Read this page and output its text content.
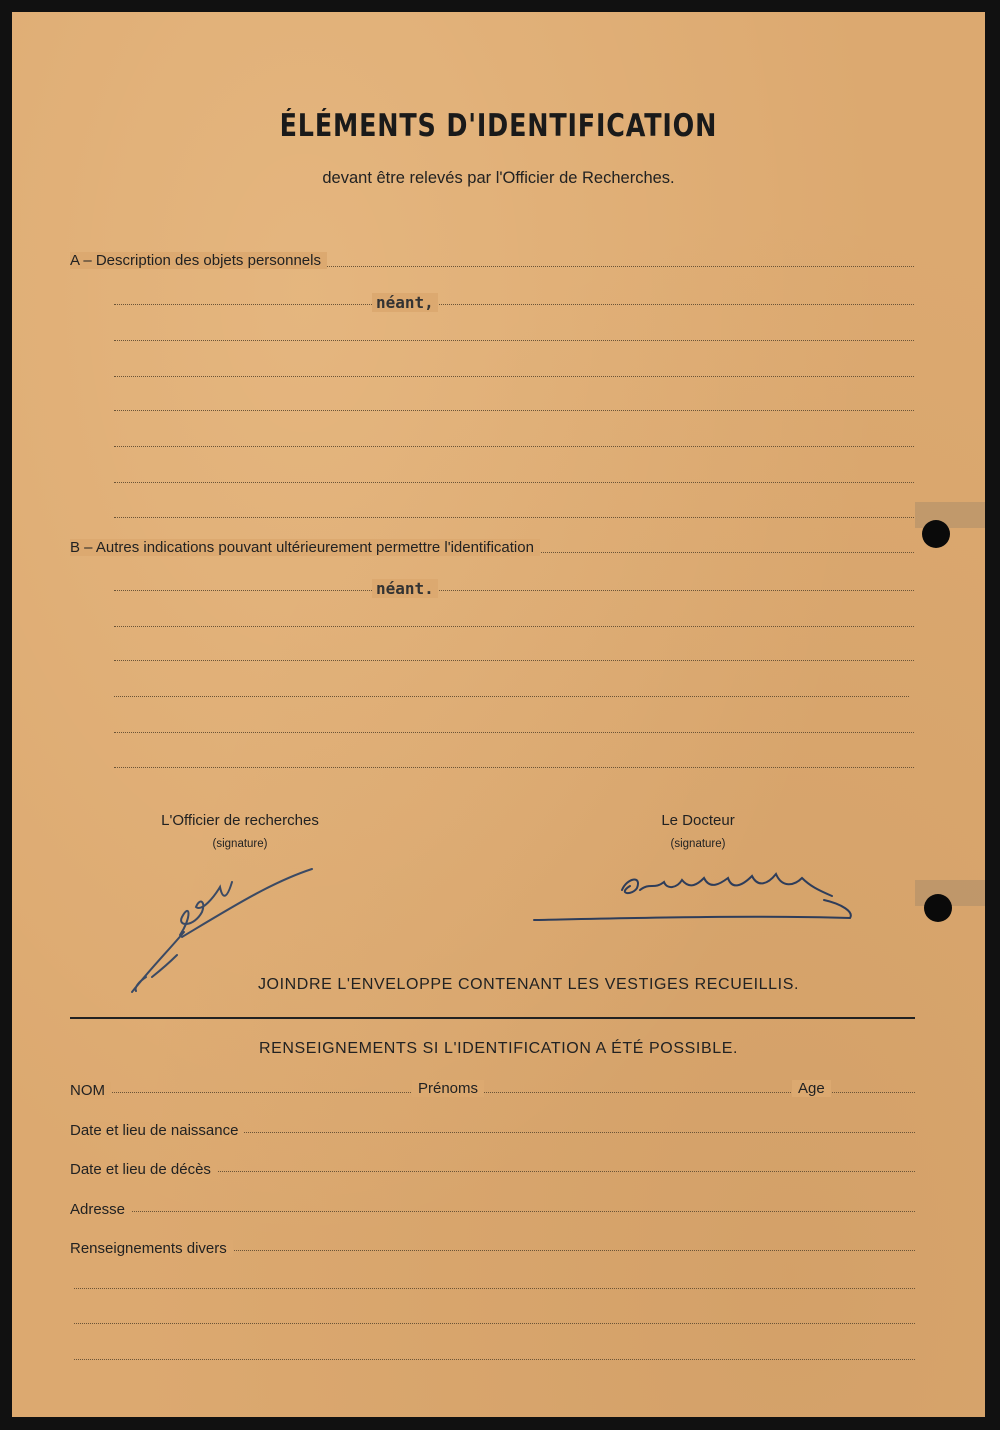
ÉLÉMENTS D'IDENTIFICATION
devant être relevés par l'Officier de Recherches.
A – Description des objets personnels
néant,
B – Autres indications pouvant ultérieurement permettre l'identification
néant.
L'Officier de recherches
(signature)
Le Docteur
(signature)
JOINDRE L'ENVELOPPE CONTENANT LES VESTIGES RECUEILLIS.
RENSEIGNEMENTS SI L'IDENTIFICATION A ÉTÉ POSSIBLE.
NOM	Prénoms	Age
Date et lieu de naissance
Date et lieu de décès
Adresse
Renseignements divers
